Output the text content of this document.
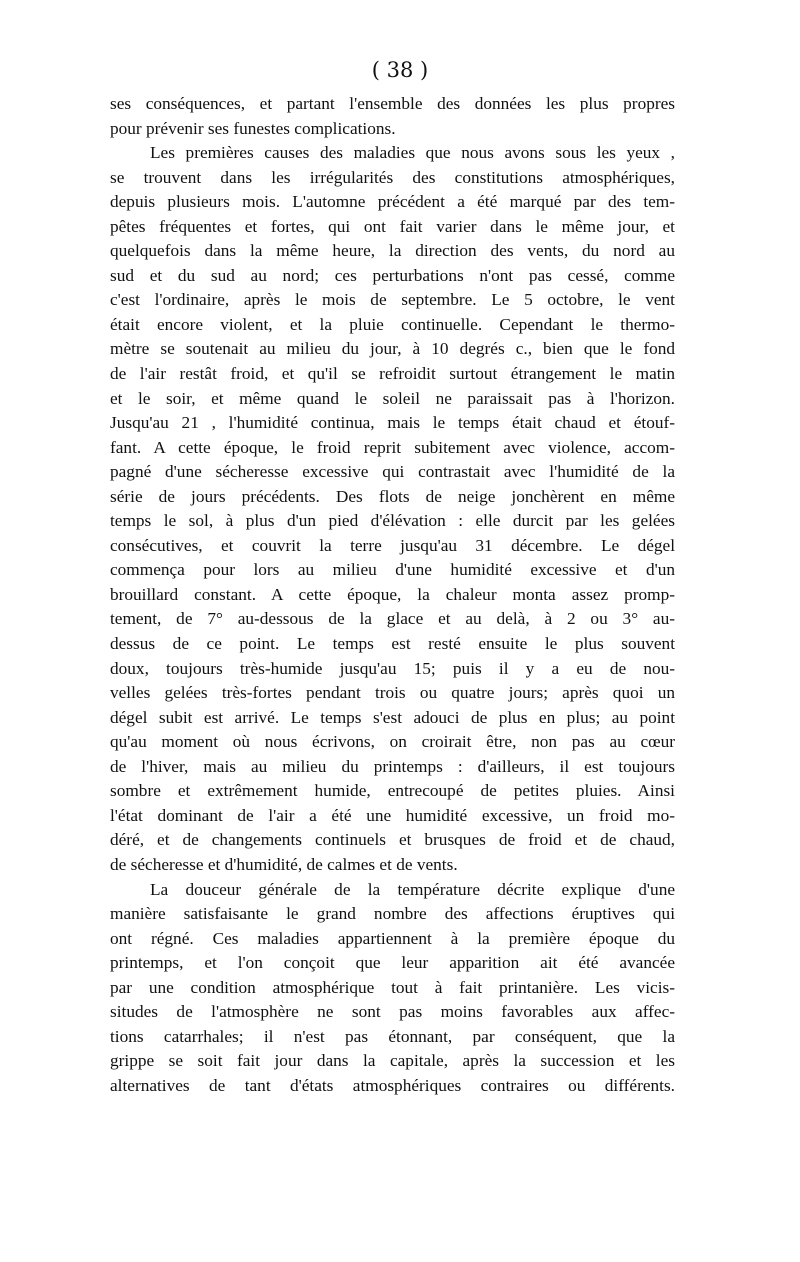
( 38 )
ses conséquences, et partant l'ensemble des données les plus propres
pour prévenir ses funestes complications.
Les premières causes des maladies que nous avons sous les yeux ,
se trouvent dans les irrégularités des constitutions atmosphériques,
depuis plusieurs mois. L'automne précédent a été marqué par des tem-
pêtes fréquentes et fortes, qui ont fait varier dans le même jour, et
quelquefois dans la même heure, la direction des vents, du nord au
sud et du sud au nord; ces perturbations n'ont pas cessé, comme
c'est l'ordinaire, après le mois de septembre. Le 5 octobre, le vent
était encore violent, et la pluie continuelle. Cependant le thermo-
mètre se soutenait au milieu du jour, à 10 degrés c., bien que le fond
de l'air restât froid, et qu'il se refroidit surtout étrangement le matin
et le soir, et même quand le soleil ne paraissait pas à l'horizon.
Jusqu'au 21 , l'humidité continua, mais le temps était chaud et étouf-
fant. A cette époque, le froid reprit subitement avec violence, accom-
pagné d'une sécheresse excessive qui contrastait avec l'humidité de la
série de jours précédents. Des flots de neige jonchèrent en même
temps le sol, à plus d'un pied d'élévation : elle durcit par les gelées
consécutives, et couvrit la terre jusqu'au 31 décembre. Le dégel
commença pour lors au milieu d'une humidité excessive et d'un
brouillard constant. A cette époque, la chaleur monta assez promp-
tement, de 7° au-dessous de la glace et au delà, à 2 ou 3° au-
dessus de ce point. Le temps est resté ensuite le plus souvent
doux, toujours très-humide jusqu'au 15; puis il y a eu de nou-
velles gelées très-fortes pendant trois ou quatre jours; après quoi un
dégel subit est arrivé. Le temps s'est adouci de plus en plus; au point
qu'au moment où nous écrivons, on croirait être, non pas au cœur
de l'hiver, mais au milieu du printemps : d'ailleurs, il est toujours
sombre et extrêmement humide, entrecoupé de petites pluies. Ainsi
l'état dominant de l'air a été une humidité excessive, un froid mo-
déré, et de changements continuels et brusques de froid et de chaud,
de sécheresse et d'humidité, de calmes et de vents.
La douceur générale de la température décrite explique d'une
manière satisfaisante le grand nombre des affections éruptives qui
ont régné. Ces maladies appartiennent à la première époque du
printemps, et l'on conçoit que leur apparition ait été avancée
par une condition atmosphérique tout à fait printanière. Les vicis-
situdes de l'atmosphère ne sont pas moins favorables aux affec-
tions catarrhales; il n'est pas étonnant, par conséquent, que la
grippe se soit fait jour dans la capitale, après la succession et les
alternatives de tant d'états atmosphériques contraires ou différents.
